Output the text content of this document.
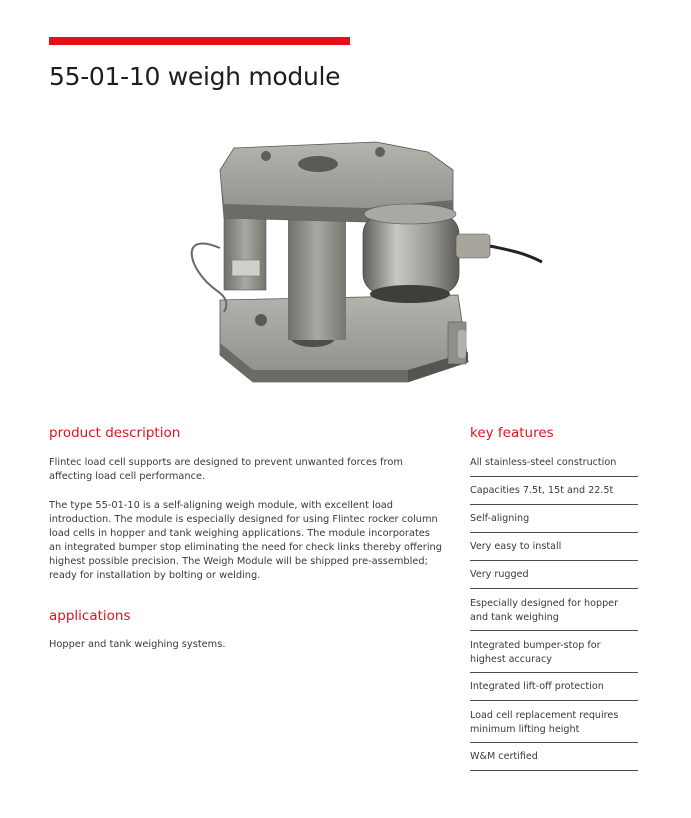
55-01-10 weigh module
product description

Flintec load cell supports are designed to prevent unwanted forces from affecting load cell performance.

The type 55-01-10 is a self-aligning weigh module, with excellent load introduction. The module is especially designed for using Flintec rocker column load cells in hopper and tank weighing applications. The module incorporates an integrated bumper stop eliminating the need for check links thereby offering highest possible precision. The Weigh Module will be shipped pre-assembled; ready for installation by bolting or welding.

applications

Hopper and tank weighing systems.

key features
All stainless-steel construction
Capacities 7.5t, 15t and 22.5t
Self-aligning
Very easy to install
Very rugged
Especially designed for hopper and tank weighing
Integrated bumper-stop for highest accuracy
Integrated lift-off protection
Load cell replacement requires minimum lifting height
W&M certified
